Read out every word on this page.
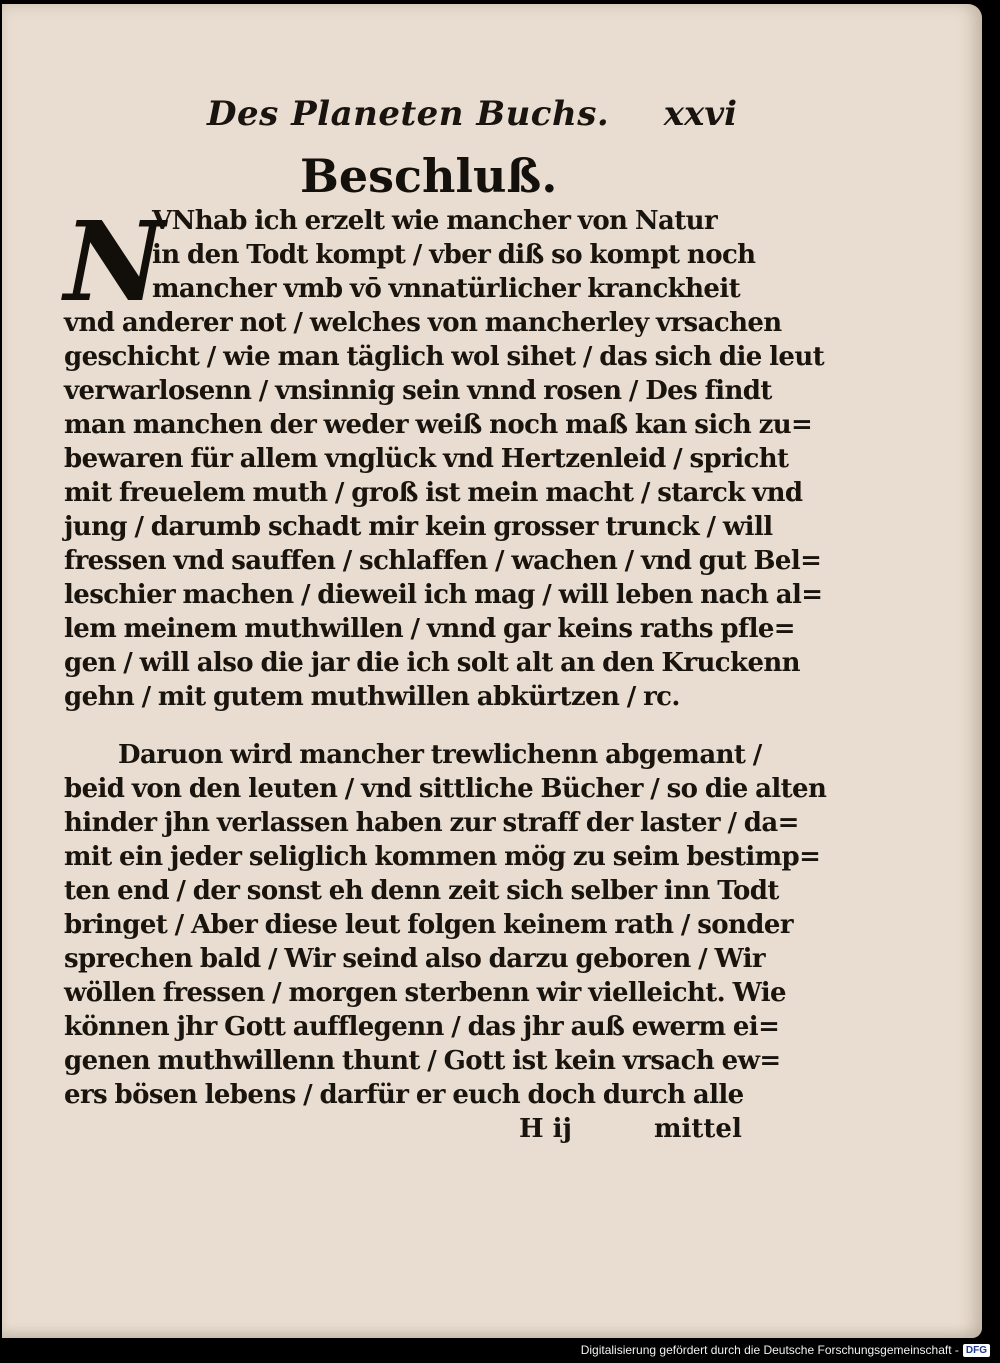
Des Planeten Buchs. xxvi
Beschluß.
N
VNhab ich erzelt wie mancher von Natur
in den Todt kompt / vber diß so kompt noch
mancher vmb vō vnnatürlicher kranckheit
vnd anderer not / welches von mancherley vrsachen
geschicht / wie man täglich wol sihet / das sich die leut
verwarlosenn / vnsinnig sein vnnd rosen / Des findt
man manchen der weder weiß noch maß kan sich zu=
bewaren für allem vnglück vnd Hertzenleid / spricht
mit freuelem muth / groß ist mein macht / starck vnd
jung / darumb schadt mir kein grosser trunck / will
fressen vnd sauffen / schlaffen / wachen / vnd gut Bel=
leschier machen / dieweil ich mag / will leben nach al=
lem meinem muthwillen / vnnd gar keins raths pfle=
gen / will also die jar die ich solt alt an den Kruckenn
gehn / mit gutem muthwillen abkürtzen / rc.
Daruon wird mancher trewlichenn abgemant /
beid von den leuten / vnd sittliche Bücher / so die alten
hinder jhn verlassen haben zur straff der laster / da=
mit ein jeder seliglich kommen mög zu seim bestimp=
ten end / der sonst eh denn zeit sich selber inn Todt
bringet / Aber diese leut folgen keinem rath / sonder
sprechen bald / Wir seind also darzu geboren / Wir
wöllen fressen / morgen sterbenn wir vielleicht. Wie
können jhr Gott aufflegenn / das jhr auß ewerm ei=
genen muthwillenn thunt / Gott ist kein vrsach ew=
ers bösen lebens / darfür er euch doch durch alle
H ij	mittel
Digitalisierung gefördert durch die Deutsche Forschungsgemeinschaft - DFG
